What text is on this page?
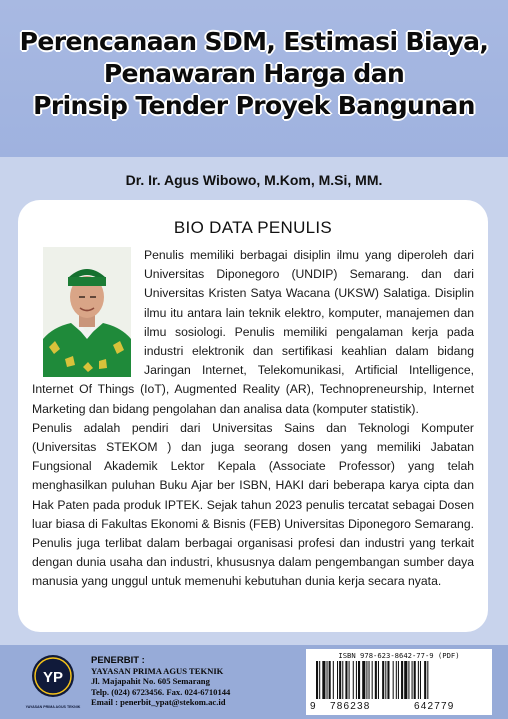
Perencanaan SDM, Estimasi Biaya,
Penawaran Harga dan
Prinsip Tender Proyek Bangunan
Dr. Ir. Agus Wibowo, M.Kom, M.Si, MM.
BIO DATA PENULIS

Penulis memiliki berbagai disiplin ilmu yang diperoleh dari Universitas Diponegoro (UNDIP) Semarang. dan dari Universitas Kristen Satya Wacana (UKSW) Salatiga. Disiplin ilmu itu antara lain teknik elektro, komputer, manajemen dan ilmu sosiologi. Penulis memiliki pengalaman kerja pada industri elektronik dan sertifikasi keahlian dalam bidang Jaringan Internet, Telekomunikasi, Artificial Intelligence, Internet Of Things (IoT), Augmented Reality (AR), Technopreneurship, Internet Marketing dan bidang pengolahan dan analisa data (komputer statistik).

Penulis adalah pendiri dari Universitas Sains dan Teknologi Komputer (Universitas STEKOM ) dan juga seorang dosen yang memiliki Jabatan Fungsional Akademik Lektor Kepala (Associate Professor) yang telah menghasilkan puluhan Buku Ajar ber ISBN, HAKI dari beberapa karya cipta dan Hak Paten pada produk IPTEK. Sejak tahun 2023 penulis tercatat sebagai Dosen luar biasa di Fakultas Ekonomi & Bisnis (FEB) Universitas Diponegoro Semarang. Penulis juga terlibat dalam berbagai organisasi profesi dan industri yang terkait dengan dunia usaha dan industri, khususnya dalam pengembangan sumber daya manusia yang unggul untuk memenuhi kebutuhan dunia kerja secara nyata.

YP
YAYASAN PRIMA AGUS TEKNIK
PENERBIT :
YAYASAN PRIMA AGUS TEKNIK
Jl. Majapahit No. 605 Semarang
Telp. (024) 6723456. Fax. 024-6710144
Email : penerbit_ypat@stekom.ac.id
ISBN 978-623-8642-77-9 (PDF)
9 786238	642779
